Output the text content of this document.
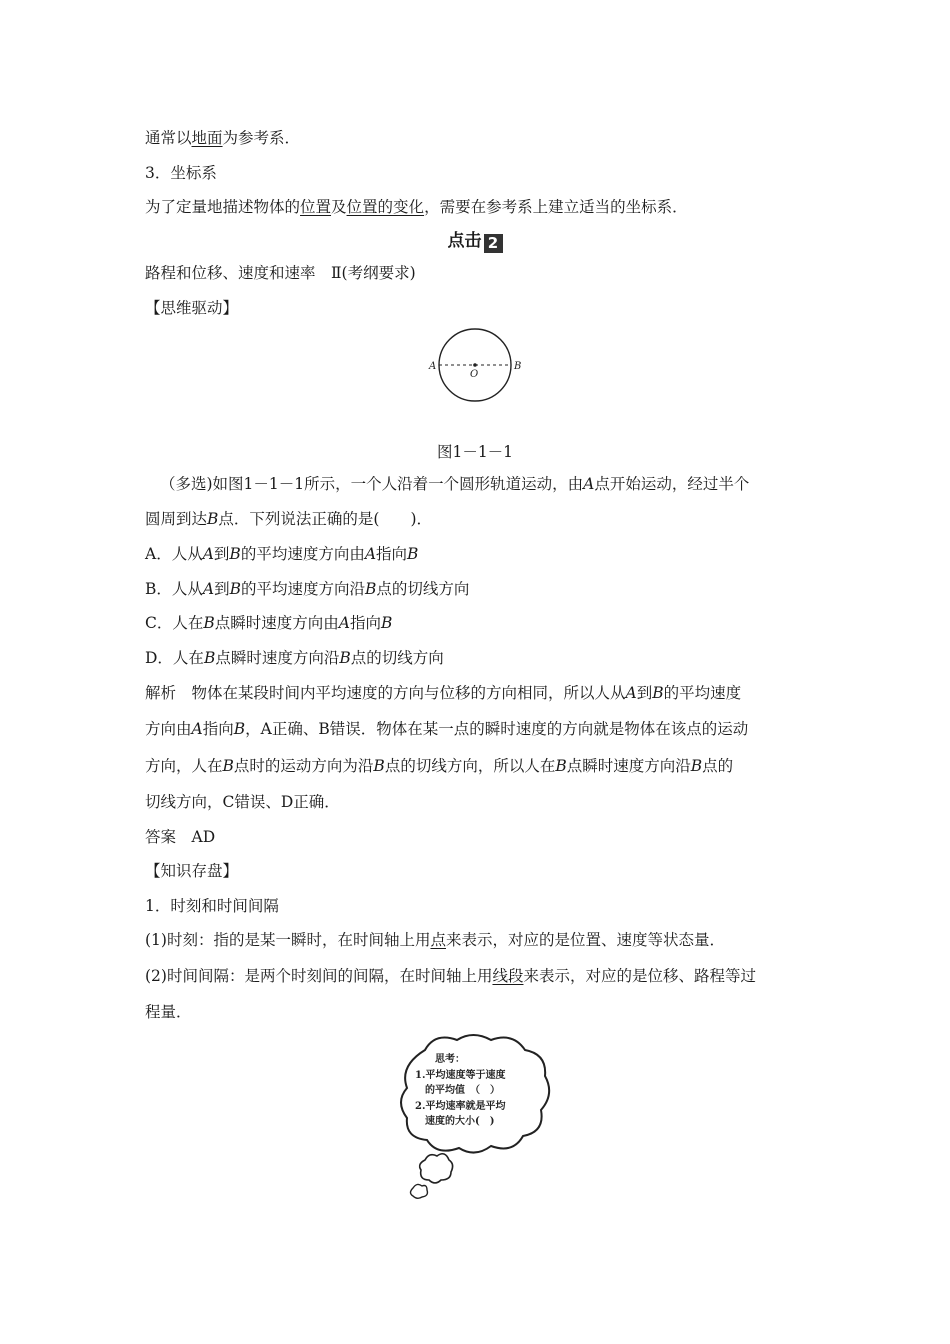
通常以地面为参考系．
3．坐标系
为了定量地描述物体的位置及位置的变化，需要在参考系上建立适当的坐标系．
点击 2
路程和位移、速度和速率　Ⅱ(考纲要求)
【思维驱动】
A	B
O
图1－1－1
（多选)如图1－1－1所示，一个人沿着一个圆形轨道运动，由A点开始运动，经过半个
圆周到达B点．下列说法正确的是(　　)．
A．人从A到B的平均速度方向由A指向B
B．人从A到B的平均速度方向沿B点的切线方向
C．人在B点瞬时速度方向由A指向B
D．人在B点瞬时速度方向沿B点的切线方向
解析　物体在某段时间内平均速度的方向与位移的方向相同，所以人从A到B的平均速度
方向由A指向B，A正确、B错误．物体在某一点的瞬时速度的方向就是物体在该点的运动
方向，人在B点时的运动方向为沿B点的切线方向，所以人在B点瞬时速度方向沿B点的
切线方向，C错误、D正确．
答案　AD
【知识存盘】
1．时刻和时间间隔
(1)时刻：指的是某一瞬时，在时间轴上用点来表示，对应的是位置、速度等状态量．
(2)时间间隔：是两个时刻间的间隔，在时间轴上用线段来表示，对应的是位移、路程等过
程量．
思考：
1.平均速度等于速度
的平均值　（　）
2.平均速率就是平均
速度的大小(　)
